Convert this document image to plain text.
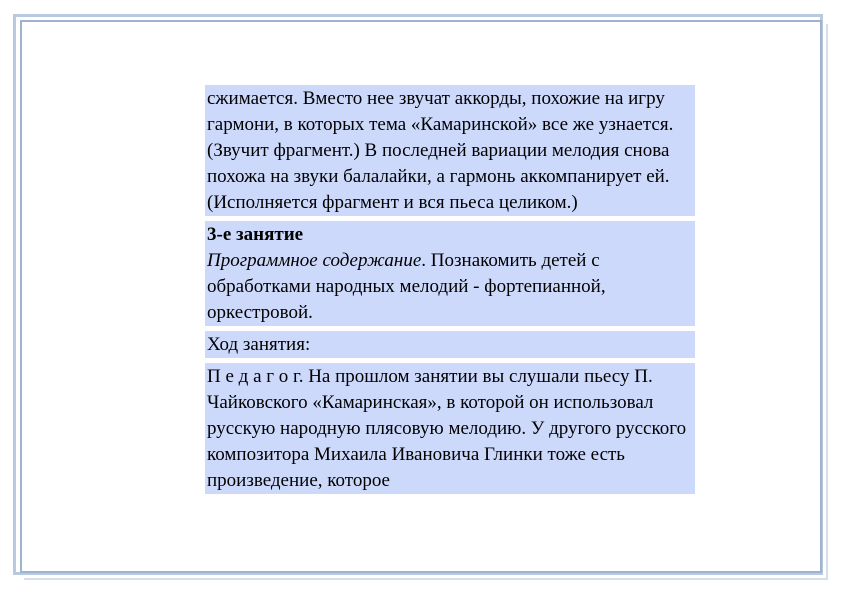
сжимается. Вместо нее звучат аккорды, похожие на игру гармони, в которых тема «Камаринской» все же узнается. (Звучит фрагмент.) В последней вариации мелодия снова похожа на звуки балалайки, а гармонь аккомпанирует ей. (Исполняется фрагмент и вся пьеса целиком.)

3-е занятие
Программное содержание. Познакомить детей с обработками народных мелодий - фортепианной, оркестровой.

Ход занятия:

П е д а г о г. На прошлом занятии вы слушали пьесу П. Чайковского «Камаринская», в которой он использовал русскую народную плясовую мелодию. У другого русского композитора Михаила Ивановича Глинки тоже есть произведение, которое
